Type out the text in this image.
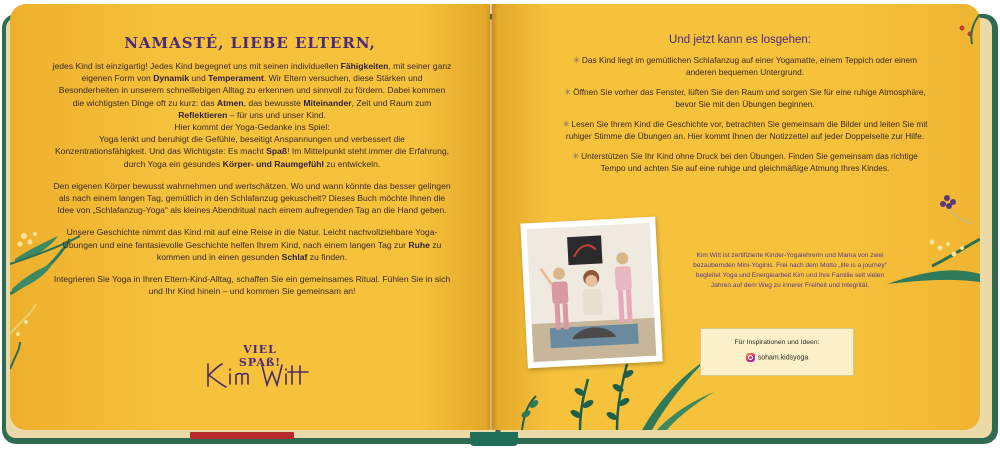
NAMASTÉ, LIEBE ELTERN,

jedes Kind ist einzigartig! Jedes Kind begegnet uns mit seinen individuellen Fähigkeiten, mit seiner ganz eigenen Form von Dynamik und Temperament. Wir Eltern versuchen, diese Stärken und Besonderheiten in unserem schnelllebigen Alltag zu erkennen und sinnvoll zu fördern. Dabei kommen die wichtigsten Dinge oft zu kurz: das Atmen, das bewusste Miteinander, Zeit und Raum zum Reflektieren – für uns und unser Kind.
Hier kommt der Yoga-Gedanke ins Spiel:
Yoga lenkt und beruhigt die Gefühle, beseitigt Anspannungen und verbessert die Konzentrationsfähigkeit. Und das Wichtigste: Es macht Spaß! Im Mittelpunkt steht immer die Erfahrung, durch Yoga ein gesundes Körper- und Raumgefühl zu entwickeln.

Den eigenen Körper bewusst wahrnehmen und wertschätzen. Wo und wann könnte das besser gelingen als nach einem langen Tag, gemütlich in den Schlafanzug gekuschelt? Dieses Buch möchte Ihnen die Idee von „Schlafanzug-Yoga“ als kleines Abendritual nach einem aufregenden Tag an die Hand geben.

Unsere Geschichte nimmt das Kind mit auf eine Reise in die Natur. Leicht nachvollziehbare Yoga-Übungen und eine fantasievolle Geschichte helfen Ihrem Kind, nach einem langen Tag zur Ruhe zu kommen und in einen gesunden Schlaf zu finden.

Integrieren Sie Yoga in Ihren Eltern-Kind-Alltag, schaffen Sie ein gemeinsames Ritual. Fühlen Sie in sich und Ihr Kind hinein – und kommen Sie gemeinsam an!

VIEL SPAß!
Und jetzt kann es losgehen:

✳ Das Kind liegt im gemütlichen Schlafanzug auf einer Yogamatte, einem Teppich oder einem anderen bequemen Untergrund.

✳ Öffnen Sie vorher das Fenster, lüften Sie den Raum und sorgen Sie für eine ruhige Atmosphäre, bevor Sie mit den Übungen beginnen.

✳ Lesen Sie Ihrem Kind die Geschichte vor, betrachten Sie gemeinsam die Bilder und leiten Sie mit ruhiger Stimme die Übungen an. Hier kommt Ihnen der Notizzettel auf jeder Doppelseite zur Hilfe.

✳ Unterstützen Sie Ihr Kind ohne Druck bei den Übungen. Finden Sie gemeinsam das richtige Tempo und achten Sie auf eine ruhige und gleichmäßige Atmung Ihres Kindes.

Kim Witt ist zertifizierte Kinder-Yogalehrerin und Mama von zwei bezaubernden Mini-Yoginis. Frei nach dem Motto „life is a journey“ begleitet Yoga und Energiearbeit Kim und ihre Familie seit vielen Jahren auf dem Weg zu innerer Freiheit und Integrität.
Für Inspirationen und Ideen:
soham.kidsyoga
